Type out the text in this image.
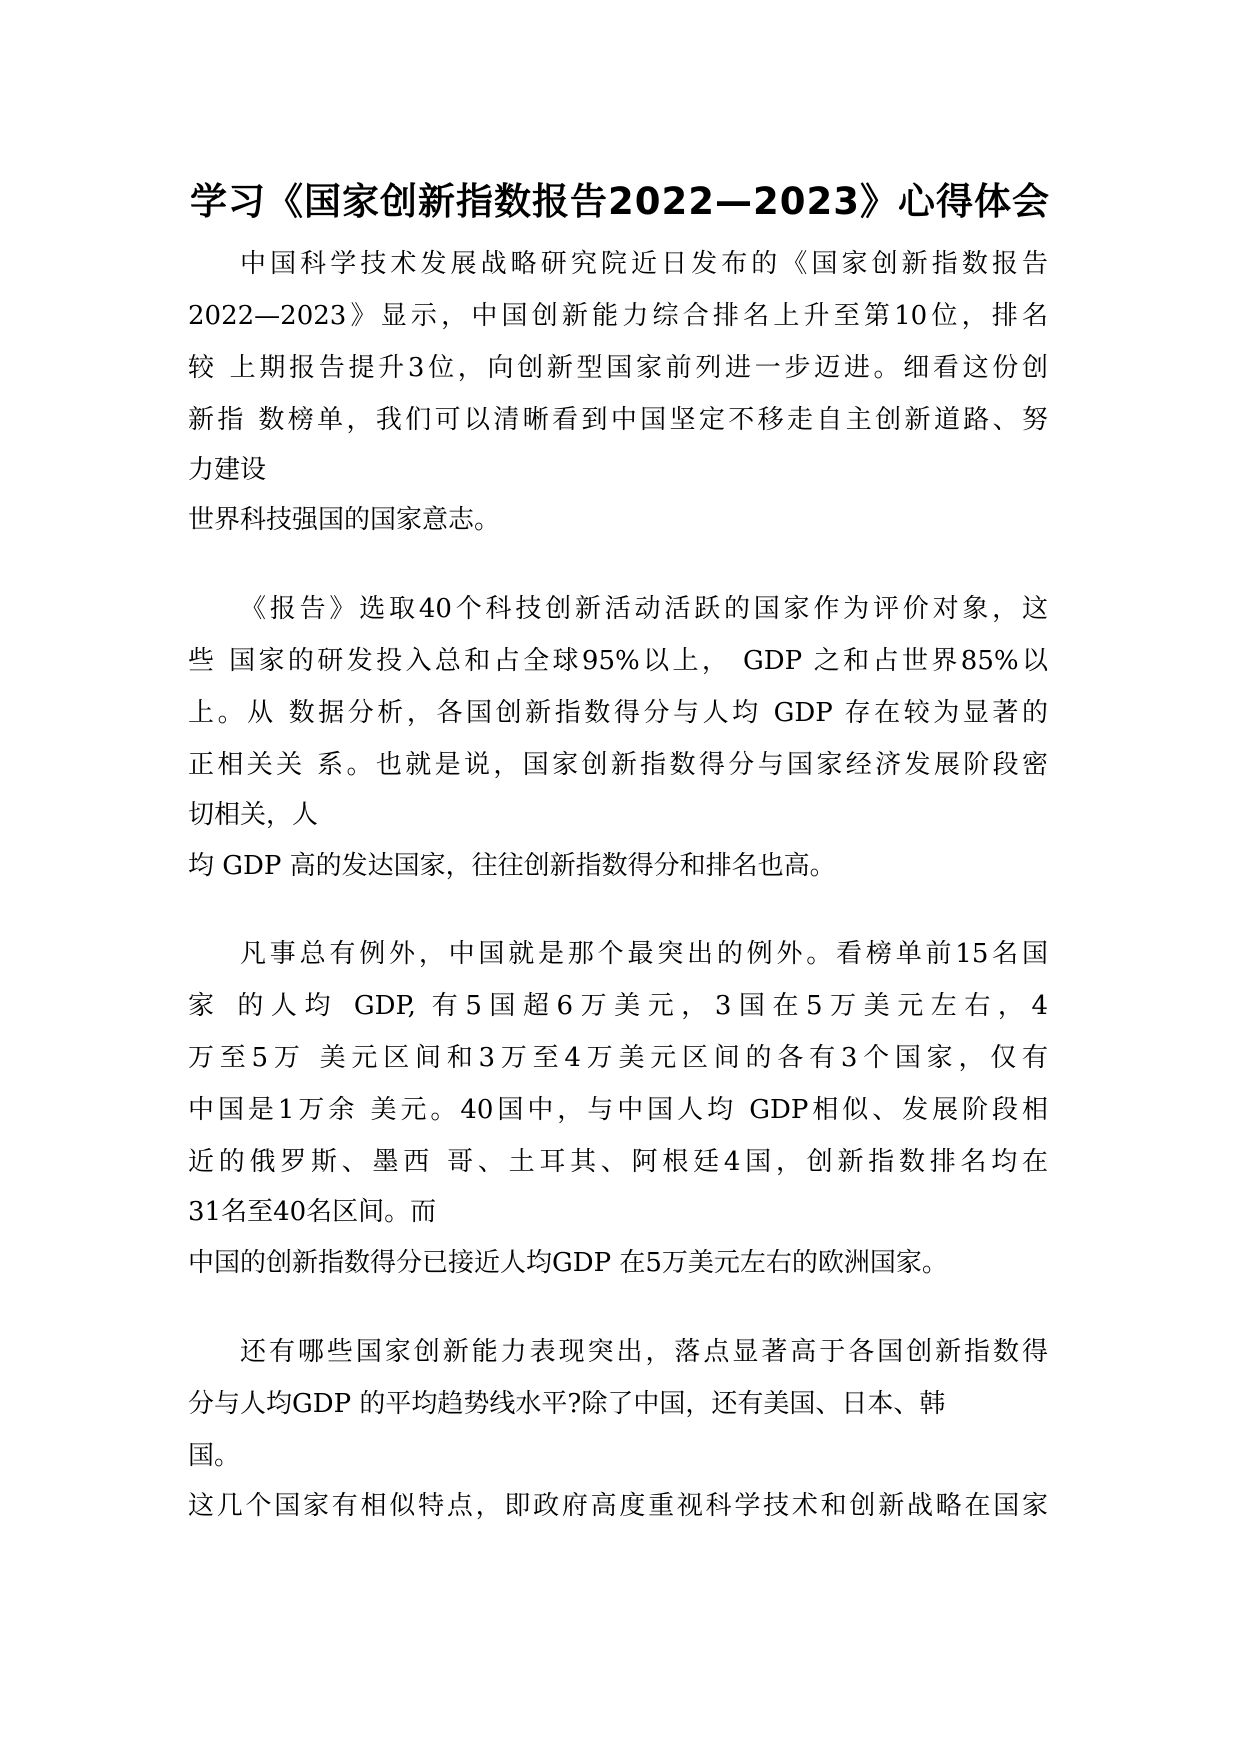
学习《国家创新指数报告2022—2023》心得体会
中国科学技术发展战略研究院近日发布的《国家创新指数报告
2022—2023》显示，中国创新能力综合排名上升至第10位，排名
较 上期报告提升3位，向创新型国家前列进一步迈进。细看这份创
新指 数榜单，我们可以清晰看到中国坚定不移走自主创新道路、努
力建设
世界科技强国的国家意志。
《报告》选取40个科技创新活动活跃的国家作为评价对象，这
些 国家的研发投入总和占全球95%以上， GDP 之和占世界85%以
上。从 数据分析，各国创新指数得分与人均 GDP 存在较为显著的
正相关关 系。也就是说，国家创新指数得分与国家经济发展阶段密
切相关，人
均 GDP 高的发达国家，往往创新指数得分和排名也高。
凡事总有例外，中国就是那个最突出的例外。看榜单前15名国
家 的人均 GDP, 有5国超6万美元，3国在5万美元左右，4
万至5万 美元区间和3万至4万美元区间的各有3个国家，仅有
中国是1万余 美元。40国中，与中国人均 GDP相似、发展阶段相
近的俄罗斯、墨西 哥、土耳其、阿根廷4国，创新指数排名均在
31名至40名区间。而
中国的创新指数得分已接近人均GDP 在5万美元左右的欧洲国家。
还有哪些国家创新能力表现突出，落点显著高于各国创新指数得
分与人均GDP 的平均趋势线水平?除了中国，还有美国、日本、韩
国。
这几个国家有相似特点，即政府高度重视科学技术和创新战略在国家
